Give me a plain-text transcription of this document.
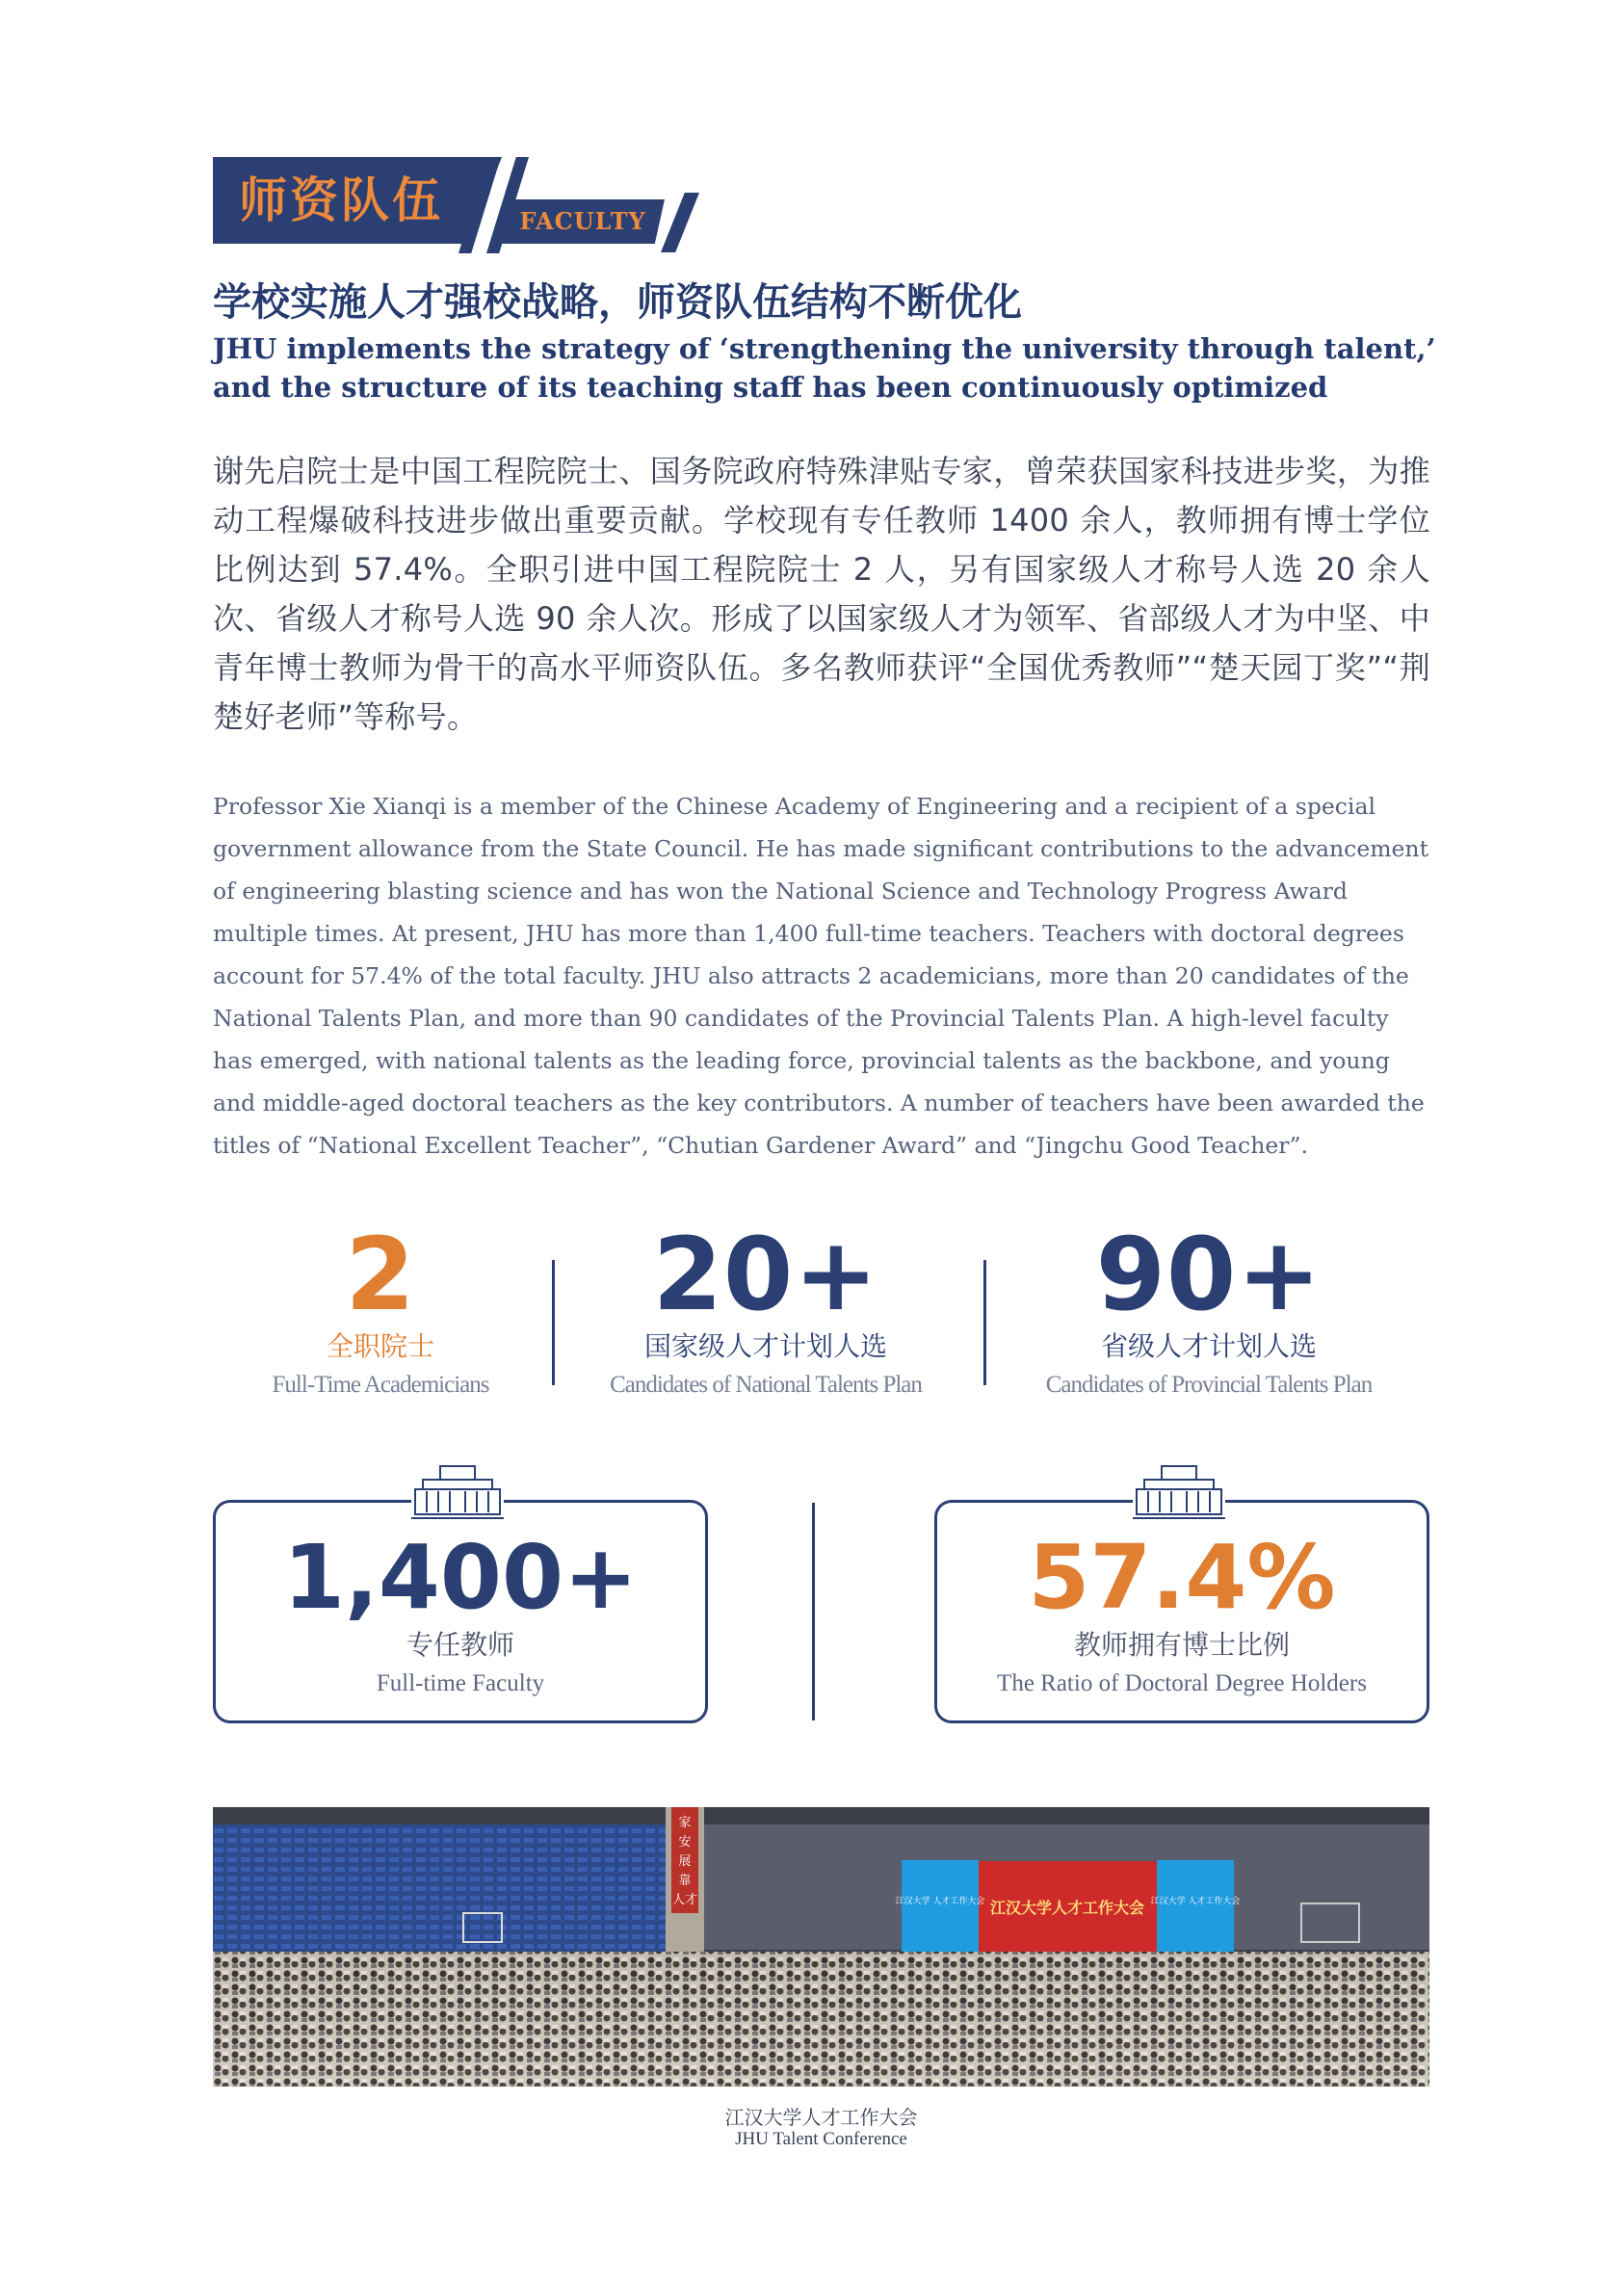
师资队伍	FACULTY
学校实施人才强校战略，师资队伍结构不断优化
JHU implements the strategy of ‘strengthening the university through talent,’ and the structure of its teaching staff has been continuously optimized
谢先启院士是中国工程院院士、国务院政府特殊津贴专家，曾荣获国家科技进步奖，为推动工程爆破科技进步做出重要贡献。学校现有专任教师 1400 余人，教师拥有博士学位比例达到 57.4%。全职引进中国工程院院士 2 人，另有国家级人才称号人选 20 余人次、省级人才称号人选 90 余人次。形成了以国家级人才为领军、省部级人才为中坚、中青年博士教师为骨干的高水平师资队伍。多名教师获评“全国优秀教师”“楚天园丁奖”“荆楚好老师”等称号。
Professor Xie Xianqi is a member of the Chinese Academy of Engineering and a recipient of a special government allowance from the State Council. He has made significant contributions to the advancement of engineering blasting science and has won the National Science and Technology Progress Award multiple times. At present, JHU has more than 1,400 full-time teachers. Teachers with doctoral degrees account for 57.4% of the total faculty. JHU also attracts 2 academicians, more than 20 candidates of the National Talents Plan, and more than 90 candidates of the Provincial Talents Plan. A high-level faculty has emerged, with national talents as the leading force, provincial talents as the backbone, and young and middle-aged doctoral teachers as the key contributors. A number of teachers have been awarded the titles of “National Excellent Teacher”, “Chutian Gardener Award” and “Jingchu Good Teacher”.
2
全职院士
Full-Time Academicians
20+
国家级人才计划人选
Candidates of National Talents Plan
90+
省级人才计划人选
Candidates of Provincial Talents Plan
1,400+
专任教师
Full-time Faculty
57.4%
教师拥有博士比例
The Ratio of Doctoral Degree Holders
家
安
展
靠
人才	江汉大学人才工作大会
江汉大学 人才工作大会	江汉大学 人才工作大会
江汉大学人才工作大会
JHU Talent Conference
